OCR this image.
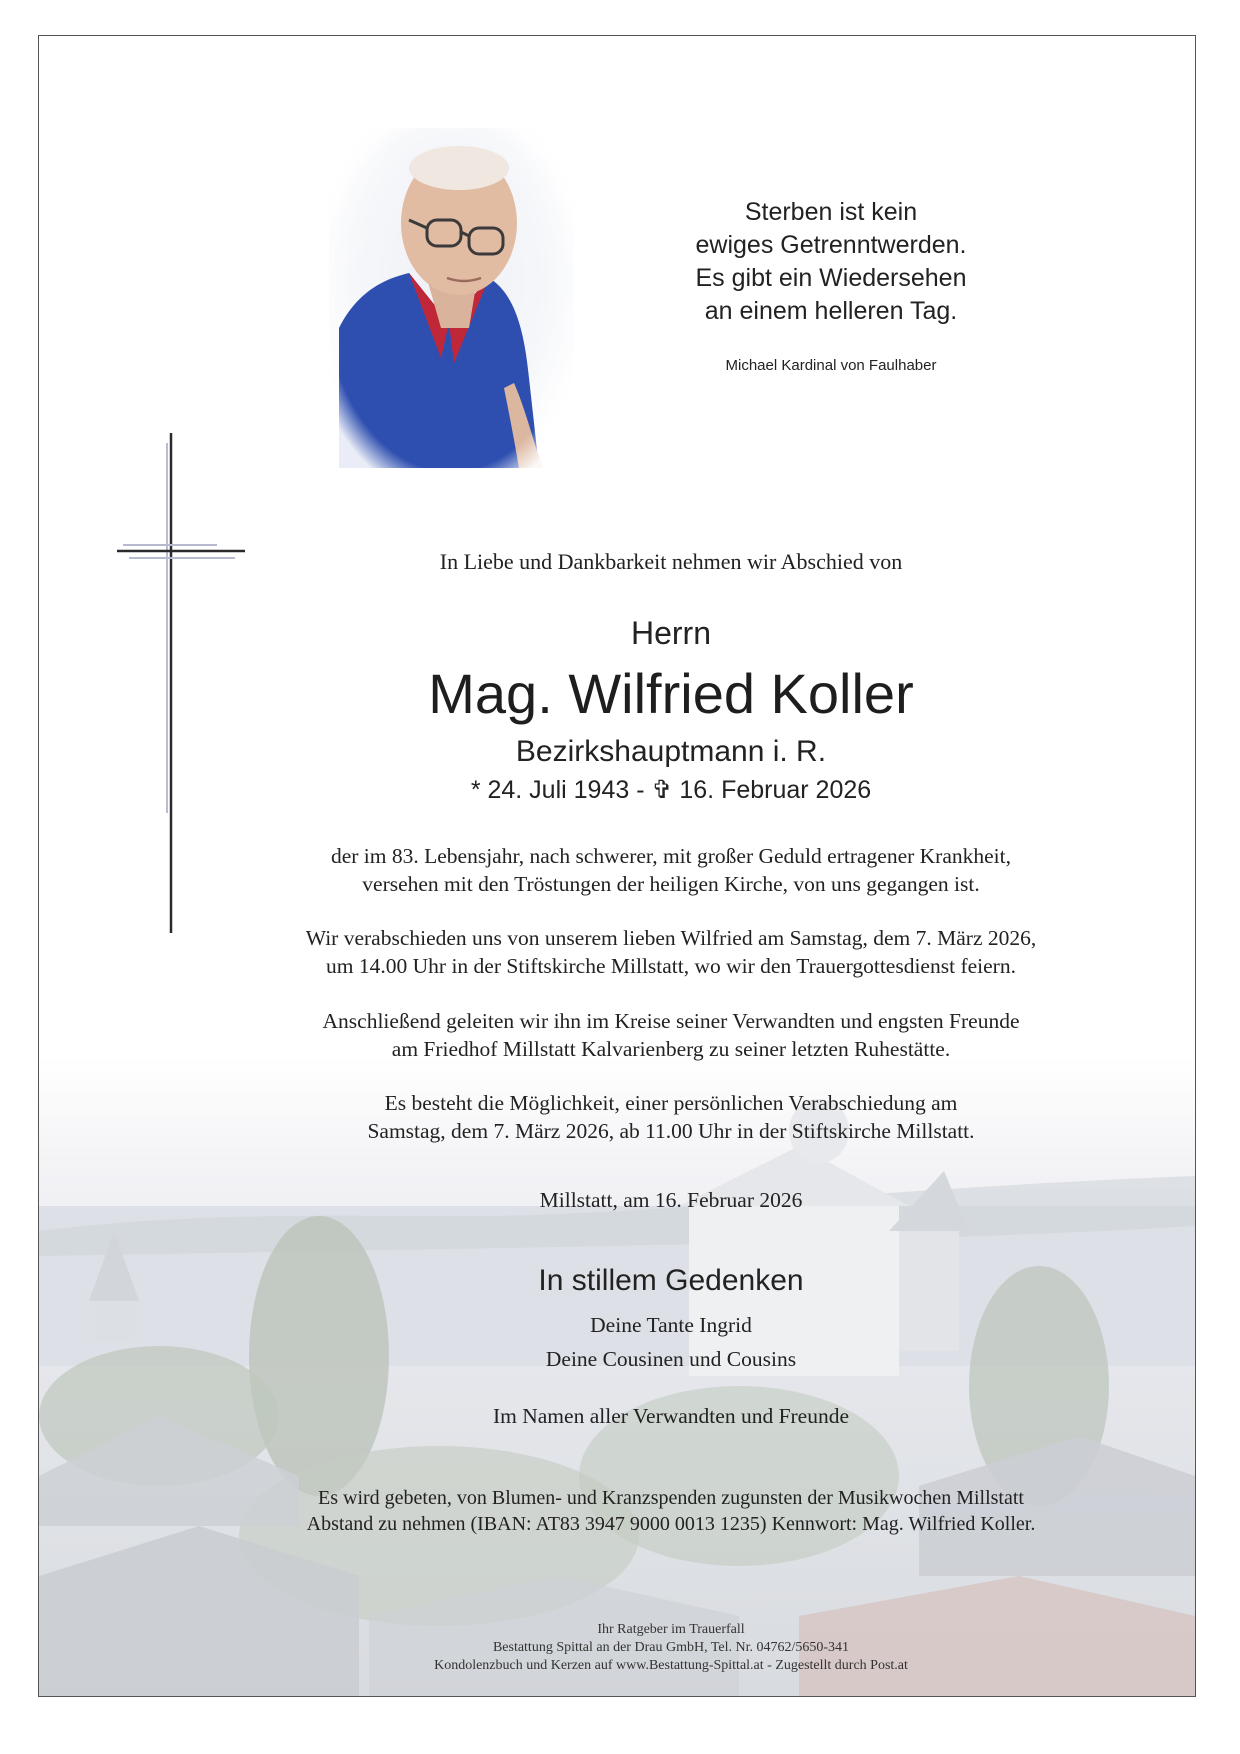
Sterben ist kein
ewiges Getrenntwerden.
Es gibt ein Wiedersehen
an einem helleren Tag.
Michael Kardinal von Faulhaber
In Liebe und Dankbarkeit nehmen wir Abschied von
Herrn
Mag. Wilfried Koller
Bezirkshauptmann i. R.
* 24. Juli 1943 - ✞ 16. Februar 2026
der im 83. Lebensjahr, nach schwerer, mit großer Geduld ertragener Krankheit,
versehen mit den Tröstungen der heiligen Kirche, von uns gegangen ist.
Wir verabschieden uns von unserem lieben Wilfried am Samstag, dem 7. März 2026,
um 14.00 Uhr in der Stiftskirche Millstatt, wo wir den Trauergottesdienst feiern.
Anschließend geleiten wir ihn im Kreise seiner Verwandten und engsten Freunde
am Friedhof Millstatt Kalvarienberg zu seiner letzten Ruhestätte.
Es besteht die Möglichkeit, einer persönlichen Verabschiedung am
Samstag, dem 7. März 2026, ab 11.00 Uhr in der Stiftskirche Millstatt.
Millstatt, am 16. Februar 2026
In stillem Gedenken
Deine Tante Ingrid
Deine Cousinen und Cousins
Im Namen aller Verwandten und Freunde
Es wird gebeten, von Blumen- und Kranzspenden zugunsten der Musikwochen Millstatt
Abstand zu nehmen (IBAN: AT83 3947 9000 0013 1235) Kennwort: Mag. Wilfried Koller.
Ihr Ratgeber im Trauerfall
Bestattung Spittal an der Drau GmbH, Tel. Nr. 04762/5650-341
Kondolenzbuch und Kerzen auf www.Bestattung-Spittal.at - Zugestellt durch Post.at
